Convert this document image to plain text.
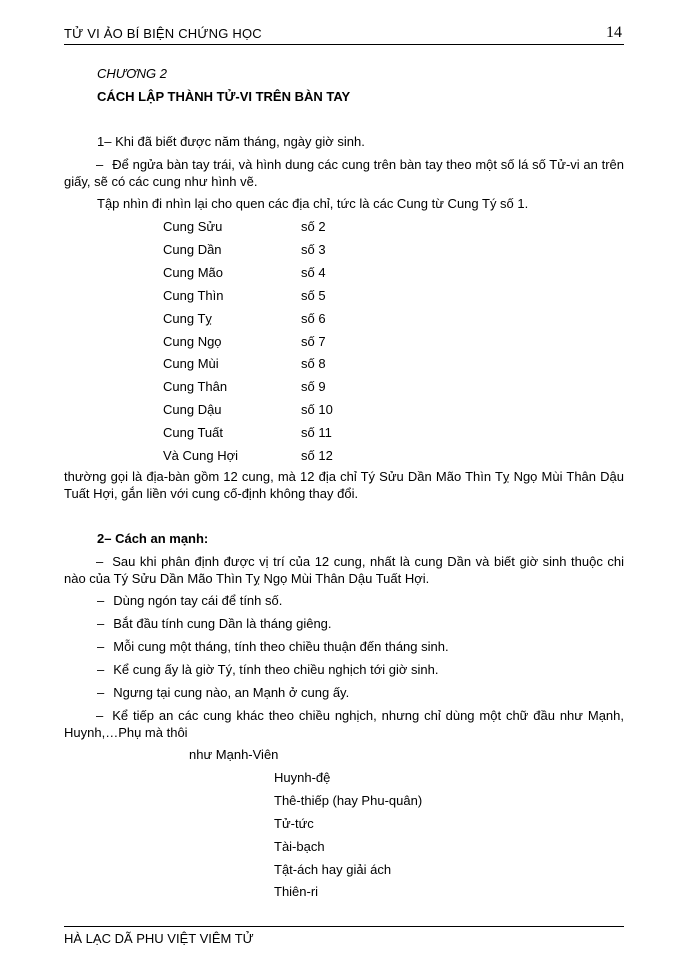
TỬ VI ẢO BÍ BIỆN CHỨNG HỌC	14
CHƯƠNG 2
CÁCH LẬP THÀNH TỬ-VI TRÊN BÀN TAY
1– Khi đã biết được năm tháng, ngày giờ sinh.
– Để ngửa bàn tay trái, và hình dung các cung trên bàn tay theo một số lá số Tử-vi an trên giấy, sẽ có các cung như hình vẽ.
Tập nhìn đi nhìn lại cho quen các địa chỉ, tức là các Cung từ Cung Tý số 1.
Cung Sửu	số 2
Cung Dần	số 3
Cung Mão	số 4
Cung Thìn	số 5
Cung Tỵ	số 6
Cung Ngọ	số 7
Cung Mùi	số 8
Cung Thân	số 9
Cung Dậu	số 10
Cung Tuất	số 11
Và Cung Hợi	số 12
thường gọi là địa-bàn gồm 12 cung, mà 12 địa chỉ Tý Sửu Dần Mão Thìn Tỵ Ngọ Mùi Thân Dậu Tuất Hợi, gắn liền với cung cố-định không thay đổi.
2– Cách an mạnh:
– Sau khi phân định được vị trí của 12 cung, nhất là cung Dần và biết giờ sinh thuộc chi nào của Tý Sửu Dần Mão Thìn Tỵ Ngọ Mùi Thân Dậu Tuất Hợi.
– Dùng ngón tay cái để tính số.
– Bắt đầu tính cung Dần là tháng giêng.
– Mỗi cung một tháng, tính theo chiều thuận đến tháng sinh.
– Kể cung ấy là giờ Tý, tính theo chiều nghịch tới giờ sinh.
– Ngưng tại cung nào, an Mạnh ở cung ấy.
– Kể tiếp an các cung khác theo chiều nghịch, nhưng chỉ dùng một chữ đầu như Mạnh, Huynh,…Phụ mà thôi
như Mạnh-Viên
Huynh-đệ
Thê-thiếp (hay Phu-quân)
Tử-tức
Tài-bạch
Tật-ách hay giải ách
Thiên-ri
HÀ LẠC DÃ PHU VIỆT VIÊM TỬ
